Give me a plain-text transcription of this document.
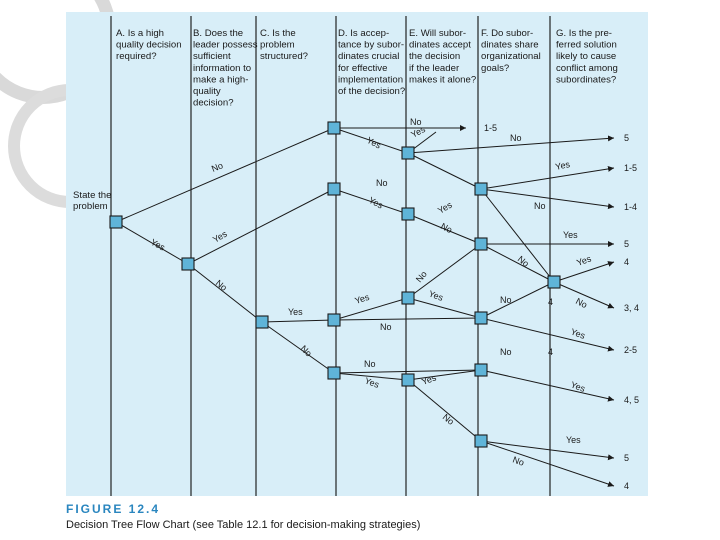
A. Is a high
quality decision
required?
B. Does the
leader possess
sufficient
information to
make a high-
quality
decision?
C. Is the
problem
structured?
D. Is accep-
tance by subor-
dinates crucial
for effective
implementation
of the decision?
E. Will subor-
dinates accept
the decision
if the leader
makes it alone?
F. Do subor-
dinates share
organizational
goals?
G. Is the pre-
ferred solution
likely to cause
conflict among
subordinates?
State the
problem
5
1-5
1-4
5
4
3, 4
2-5
4, 5
5
4
Yes
Yes
No
No
Yes
Yes
No
1-5
No
No
Yes
Yes
No
Yes
No	Yes
No	Yes
No
Yes	Yes	No	4 No
Yes
No	Yes
No	No	4
No
Yes	Yes	Yes
No
Yes
No
FIGURE 12.4
Decision Tree Flow Chart (see Table 12.1 for decision-making strategies)
